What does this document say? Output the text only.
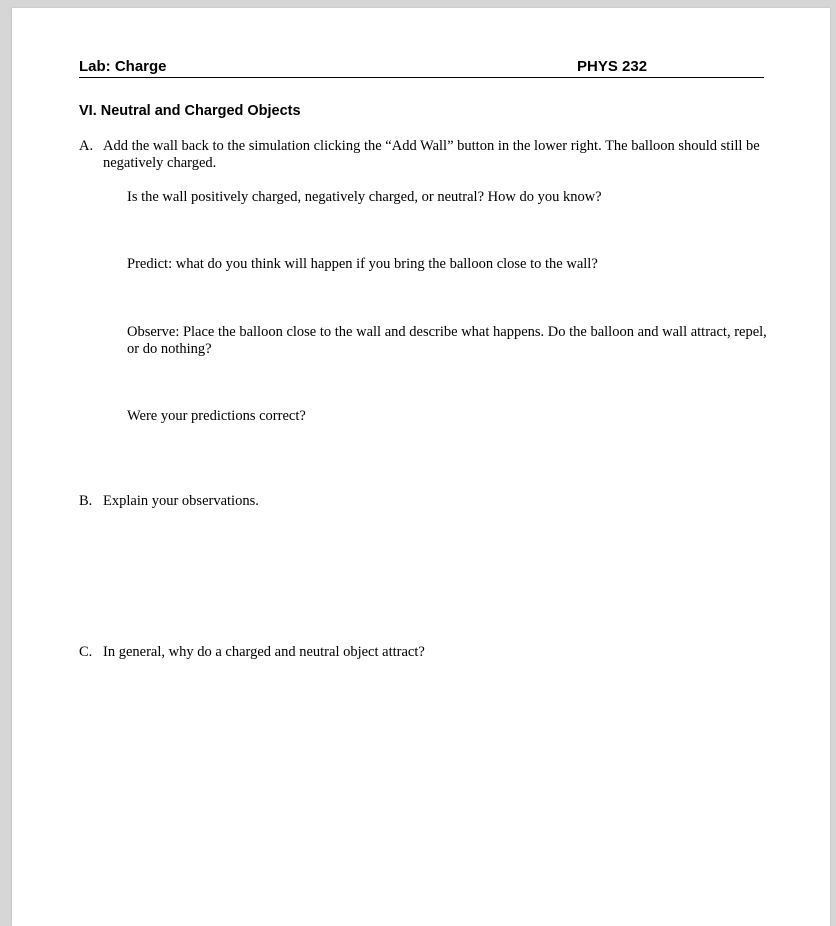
Lab: Charge	PHYS 232
VI. Neutral and Charged Objects
A. Add the wall back to the simulation clicking the “Add Wall” button in the lower right. The balloon should still be negatively charged.
Is the wall positively charged, negatively charged, or neutral? How do you know?
Predict: what do you think will happen if you bring the balloon close to the wall?
Observe: Place the balloon close to the wall and describe what happens. Do the balloon and wall attract, repel, or do nothing?
Were your predictions correct?
B. Explain your observations.
C. In general, why do a charged and neutral object attract?
